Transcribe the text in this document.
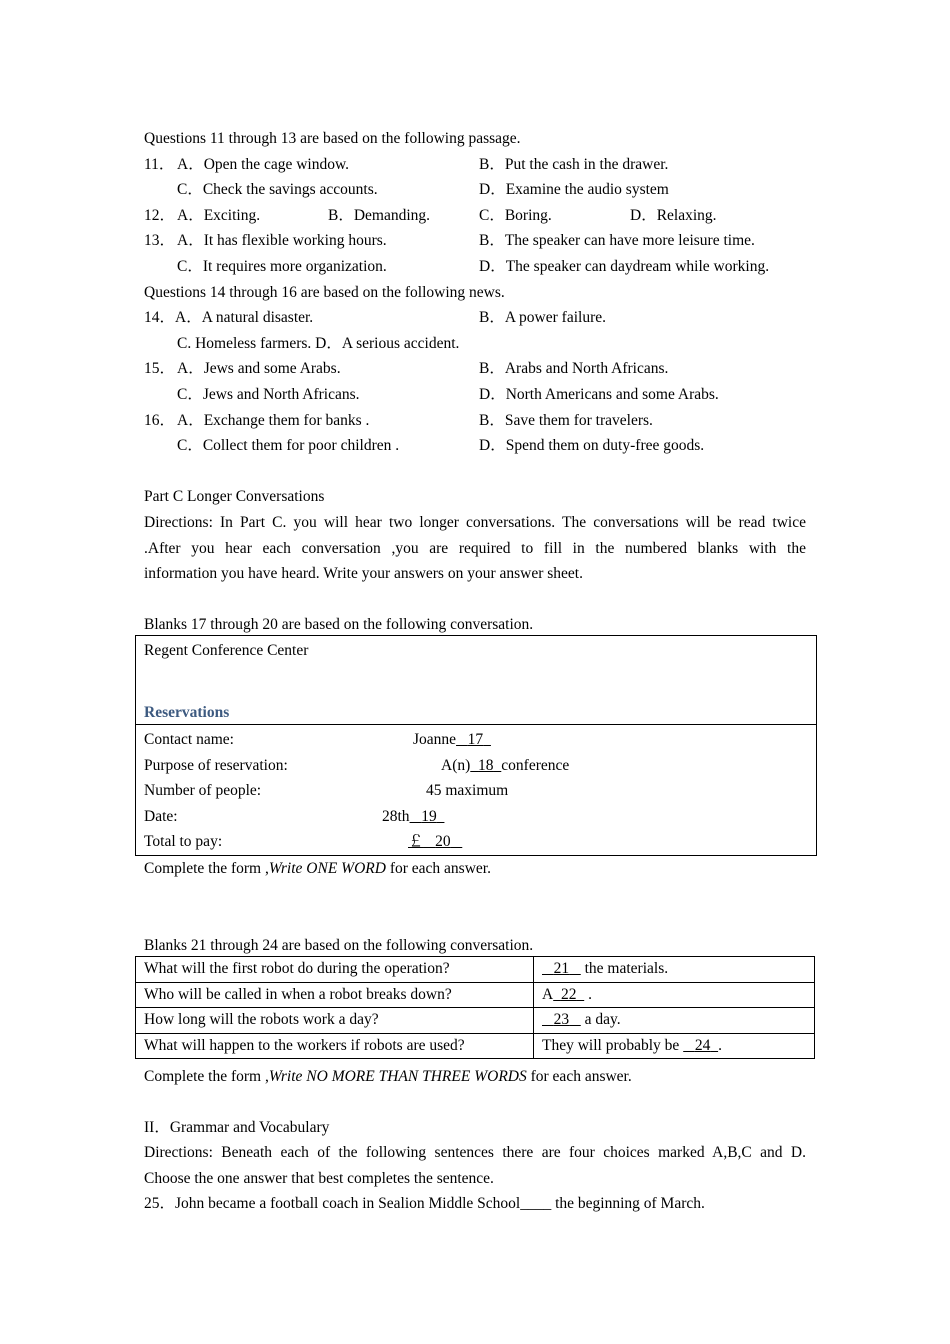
Questions 11 through 13 are based on the following passage.
11． A．Open the cage window.	B．Put the cash in the drawer.
C．Check the savings accounts.	D．Examine the audio system
12． A．Exciting.	B．Demanding.	C．Boring.	D．Relaxing.
13． A．It has flexible working hours.	B．The speaker can have more leisure time.
C．It requires more organization.	D．The speaker can daydream while working.
Questions 14 through 16 are based on the following news.
14． A．A natural disaster.	B．A power failure.
C. Homeless farmers. D．A serious accident.
15． A．Jews and some Arabs.	B．Arabs and North Africans.
C．Jews and North Africans.	D．North Americans and some Arabs.
16． A．Exchange them for banks .	B．Save them for travelers.
C．Collect them for poor children .	D．Spend them on duty-free goods.
Part C Longer Conversations
Directions: In Part C. you will hear two longer conversations. The conversations will be read twice
.After you hear each conversation ,you are required to fill in the numbered blanks with the
information you have heard. Write your answers on your answer sheet.
Blanks 17 through 20 are based on the following conversation.
Regent Conference Center
Reservations
Contact name:	Joanne 17
Purpose of reservation:	A(n) 18 conference
Number of people:	45 maximum
Date:	28th 19
Total to pay:	￡ 20
Complete the form ,Write ONE WORD for each answer.
Blanks 21 through 24 are based on the following conversation.
What will the first robot do during the operation?	21    the materials.
Who will be called in when a robot breaks down?	A 22   .
How long will the robots work a day?	23    a day.
What will happen to the workers if robots are used?	They will probably be    24 .
Complete the form ,Write NO MORE THAN THREE WORDS for each answer.
II．Grammar and Vocabulary
Directions: Beneath each of the following sentences there are four choices marked A,B,C and D.
Choose the one answer that best completes the sentence.
25．John became a football coach in Sealion Middle School____ the beginning of March.
